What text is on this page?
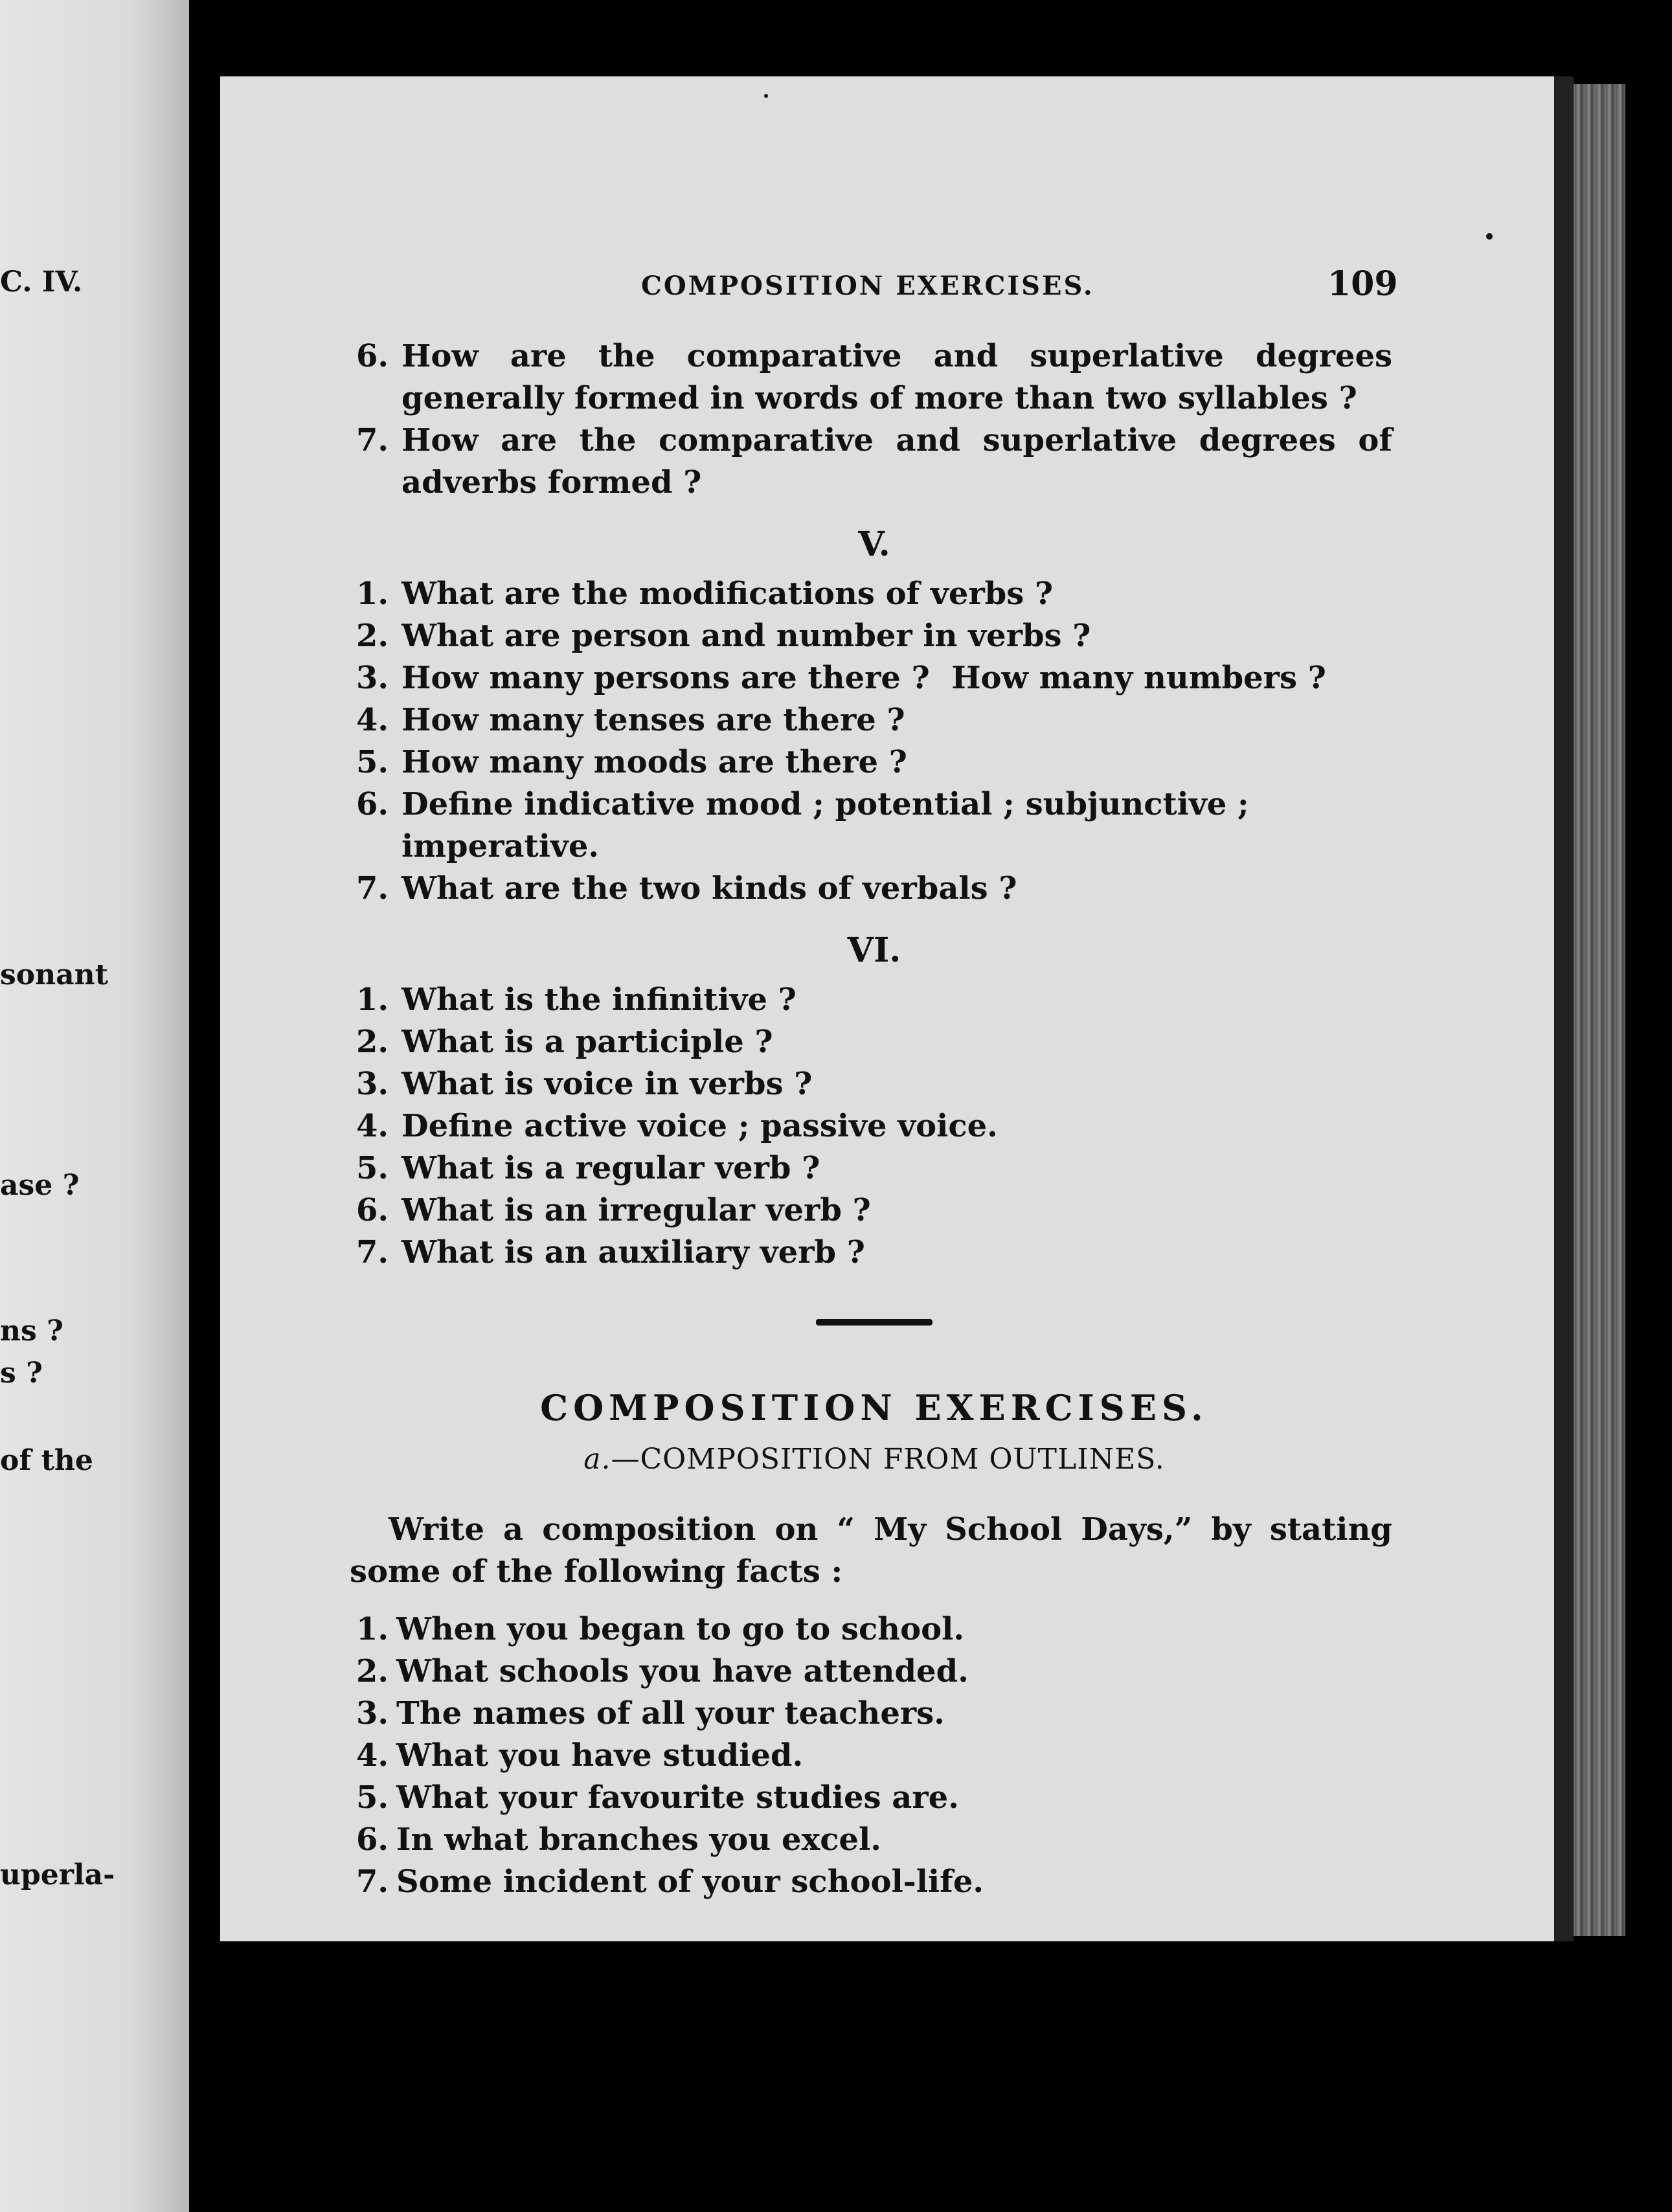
C. IV.
sonant
ase ?
ns ?
s ?
of the
uperla-
COMPOSITION EXERCISES.	109
6. How are the comparative and superlative degrees generally formed in words of more than two syllables ?
7. How are the comparative and superlative degrees of adverbs formed ?
V.
1. What are the modifications of verbs ?
2. What are person and number in verbs ?
3. How many persons are there ?  How many numbers ?
4. How many tenses are there ?
5. How many moods are there ?
6. Define indicative mood ; potential ; subjunctive ; imperative.
7. What are the two kinds of verbals ?
VI.
1. What is the infinitive ?
2. What is a participle ?
3. What is voice in verbs ?
4. Define active voice ; passive voice.
5. What is a regular verb ?
6. What is an irregular verb ?
7. What is an auxiliary verb ?
COMPOSITION EXERCISES.
a.—COMPOSITION FROM OUTLINES.

Write a composition on “ My School Days,” by stating some of the following facts :

1. When you began to go to school.
2. What schools you have attended.
3. The names of all your teachers.
4. What you have studied.
5. What your favourite studies are.
6. In what branches you excel.
7. Some incident of your school-life.
